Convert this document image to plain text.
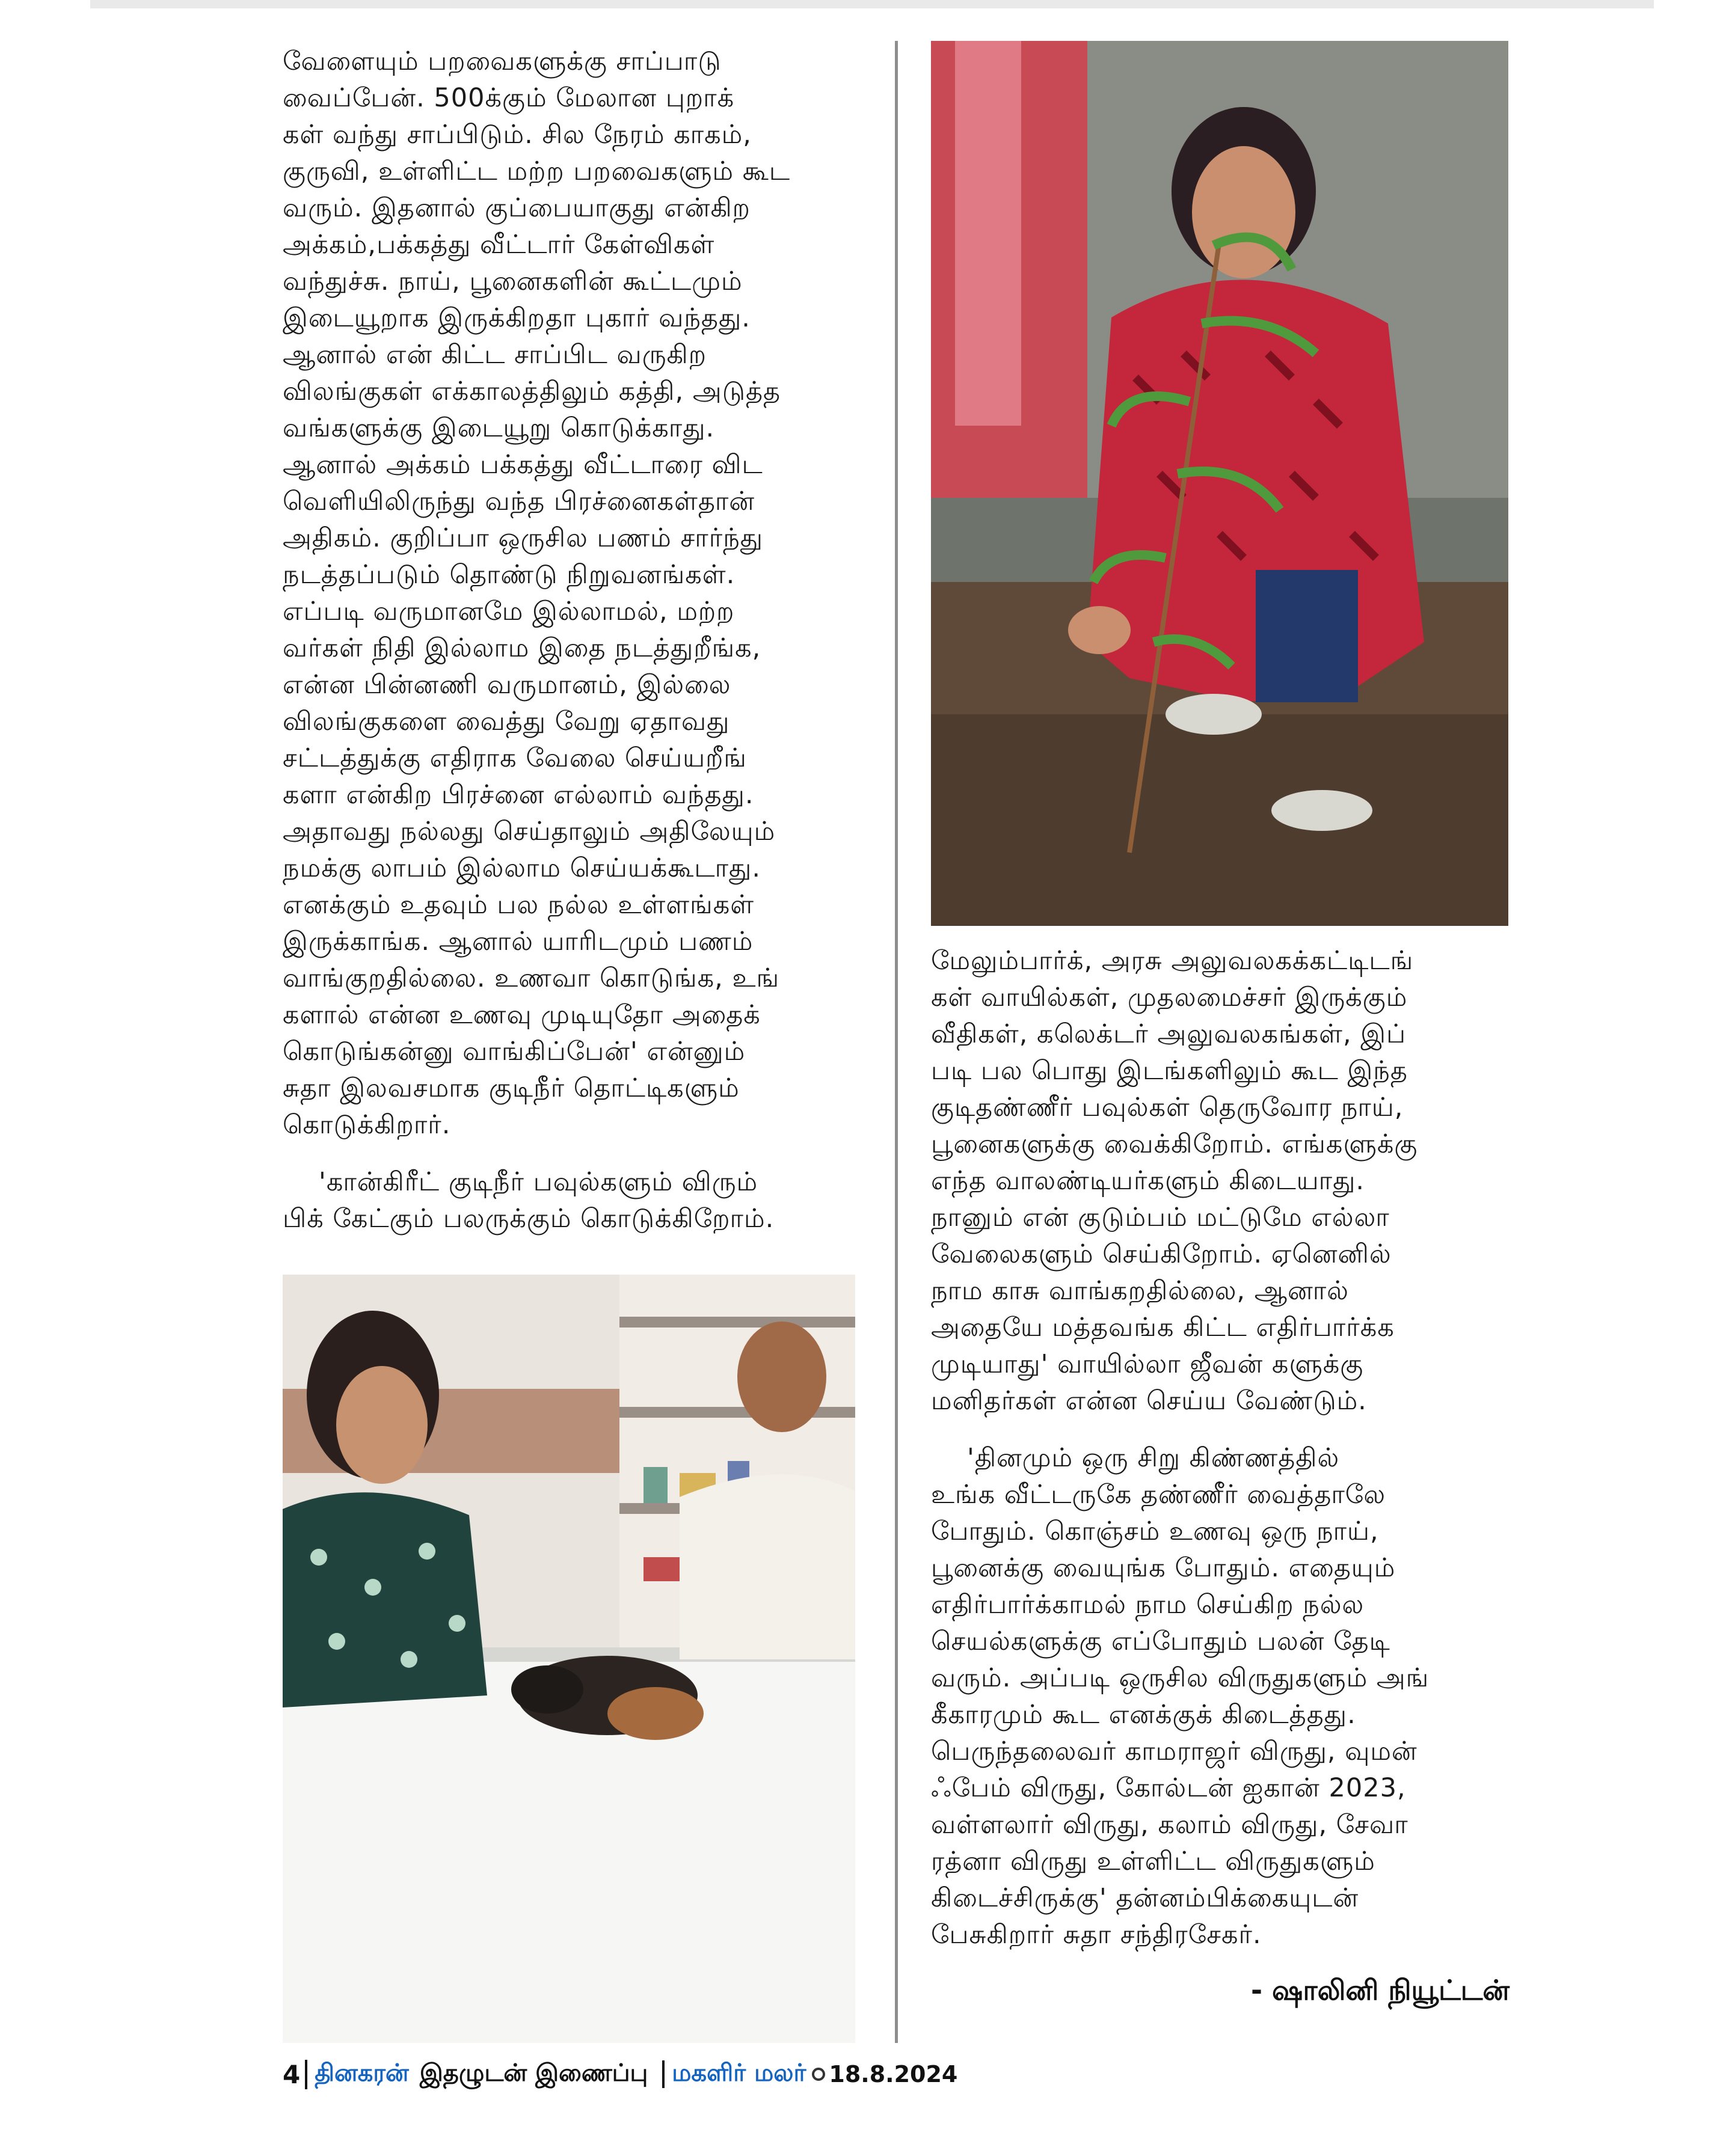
வேளையும் பறவைகளுக்கு சாப்பாடு
வைப்பேன். 500க்கும் மேலான புறாக்
கள் வந்து சாப்பிடும். சில நேரம் காகம்,
குருவி, உள்ளிட்ட மற்ற பறவைகளும் கூட
வரும். இதனால் குப்பையாகுது என்கிற
அக்கம்,பக்கத்து வீட்டார் கேள்விகள்
வந்துச்சு. நாய், பூனைகளின் கூட்டமும்
இடையூறாக இருக்கிறதா புகார் வந்தது.
ஆனால் என் கிட்ட சாப்பிட வருகிற
விலங்குகள் எக்காலத்திலும் கத்தி, அடுத்த
வங்களுக்கு இடையூறு கொடுக்காது.
ஆனால் அக்கம் பக்கத்து வீட்டாரை விட
வெளியிலிருந்து வந்த பிரச்னைகள்தான்
அதிகம். குறிப்பா ஒருசில பணம் சார்ந்து
நடத்தப்படும் தொண்டு நிறுவனங்கள்.
எப்படி வருமானமே இல்லாமல், மற்ற
வர்கள் நிதி இல்லாம இதை நடத்துறீங்க,
என்ன பின்னணி வருமானம், இல்லை
விலங்குகளை வைத்து வேறு ஏதாவது
சட்டத்துக்கு எதிராக வேலை செய்யறீங்
களா என்கிற பிரச்னை எல்லாம் வந்தது.
அதாவது நல்லது செய்தாலும் அதிலேயும்
நமக்கு லாபம் இல்லாம செய்யக்கூடாது.
எனக்கும் உதவும் பல நல்ல உள்ளங்கள்
இருக்காங்க. ஆனால் யாரிடமும் பணம்
வாங்குறதில்லை. உணவா கொடுங்க, உங்
களால் என்ன உணவு முடியுதோ அதைக்
கொடுங்கன்னு வாங்கிப்பேன்' என்னும்
சுதா இலவசமாக குடிநீர் தொட்டிகளும்
கொடுக்கிறார்.
'கான்கிரீட் குடிநீர் பவுல்களும் விரும்
பிக் கேட்கும் பலருக்கும் கொடுக்கிறோம்.
மேலும்பார்க், அரசு அலுவலகக்கட்டிடங்
கள் வாயில்கள், முதலமைச்சர் இருக்கும்
வீதிகள், கலெக்டர் அலுவலகங்கள், இப்
படி பல பொது இடங்களிலும் கூட இந்த
குடிதண்ணீர் பவுல்கள் தெருவோர நாய்,
பூனைகளுக்கு வைக்கிறோம். எங்களுக்கு
எந்த வாலண்டியர்களும் கிடையாது.
நானும் என் குடும்பம் மட்டுமே எல்லா
வேலைகளும் செய்கிறோம். ஏனெனில்
நாம காசு வாங்கறதில்லை, ஆனால்
அதையே மத்தவங்க கிட்ட எதிர்பார்க்க
முடியாது' வாயில்லா ஜீவன் களுக்கு
மனிதர்கள் என்ன செய்ய வேண்டும்.
'தினமும் ஒரு சிறு கிண்ணத்தில்
உங்க வீட்டருகே தண்ணீர் வைத்தாலே
போதும். கொஞ்சம் உணவு ஒரு நாய்,
பூனைக்கு வையுங்க போதும். எதையும்
எதிர்பார்க்காமல் நாம செய்கிற நல்ல
செயல்களுக்கு எப்போதும் பலன் தேடி
வரும். அப்படி ஒருசில விருதுகளும் அங்
கீகாரமும் கூட எனக்குக் கிடைத்தது.
பெருந்தலைவர் காமராஜர் விருது, வுமன்
ஃபேம் விருது, கோல்டன் ஐகான் 2023,
வள்ளலார் விருது, கலாம் விருது, சேவா
ரத்னா விருது உள்ளிட்ட விருதுகளும்
கிடைச்சிருக்கு' தன்னம்பிக்கையுடன்
பேசுகிறார் சுதா சந்திரசேகர்.
- ஷாலினி நியூட்டன்
4 தினகரன் இதழுடன் இணைப்பு மகளிர் மலர் 18.8.2024
